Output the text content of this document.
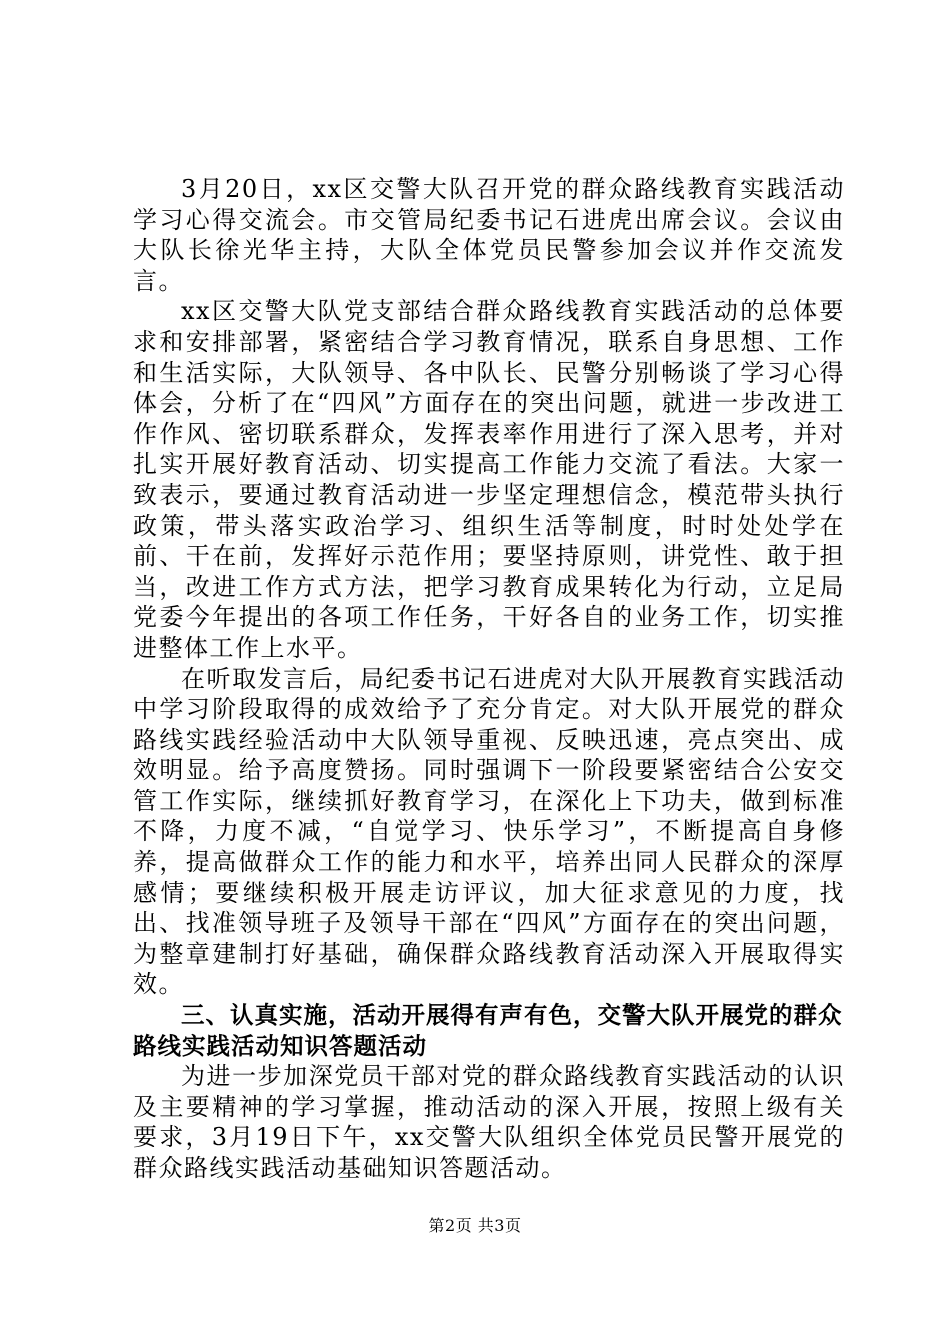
3月20日，xx区交警大队召开党的群众路线教育实践活动学习心得交流会。市交管局纪委书记石进虎出席会议。会议由大队长徐光华主持，大队全体党员民警参加会议并作交流发言。

xx区交警大队党支部结合群众路线教育实践活动的总体要求和安排部署，紧密结合学习教育情况，联系自身思想、工作和生活实际，大队领导、各中队长、民警分别畅谈了学习心得体会，分析了在“四风”方面存在的突出问题，就进一步改进工作作风、密切联系群众，发挥表率作用进行了深入思考，并对扎实开展好教育活动、切实提高工作能力交流了看法。大家一致表示，要通过教育活动进一步坚定理想信念，模范带头执行政策，带头落实政治学习、组织生活等制度，时时处处学在前、干在前，发挥好示范作用；要坚持原则，讲党性、敢于担当，改进工作方式方法，把学习教育成果转化为行动，立足局党委今年提出的各项工作任务，干好各自的业务工作，切实推进整体工作上水平。

在听取发言后，局纪委书记石进虎对大队开展教育实践活动中学习阶段取得的成效给予了充分肯定。对大队开展党的群众路线实践经验活动中大队领导重视、反映迅速，亮点突出、成效明显。给予高度赞扬。同时强调下一阶段要紧密结合公安交管工作实际，继续抓好教育学习，在深化上下功夫，做到标准不降，力度不减，“自觉学习、快乐学习”，不断提高自身修养，提高做群众工作的能力和水平，培养出同人民群众的深厚感情；要继续积极开展走访评议，加大征求意见的力度，找出、找准领导班子及领导干部在“四风”方面存在的突出问题，为整章建制打好基础，确保群众路线教育活动深入开展取得实效。

三、认真实施，活动开展得有声有色，交警大队开展党的群众路线实践活动知识答题活动

为进一步加深党员干部对党的群众路线教育实践活动的认识及主要精神的学习掌握，推动活动的深入开展，按照上级有关要求，3月19日下午，xx交警大队组织全体党员民警开展党的群众路线实践活动基础知识答题活动。

第2页 共3页
